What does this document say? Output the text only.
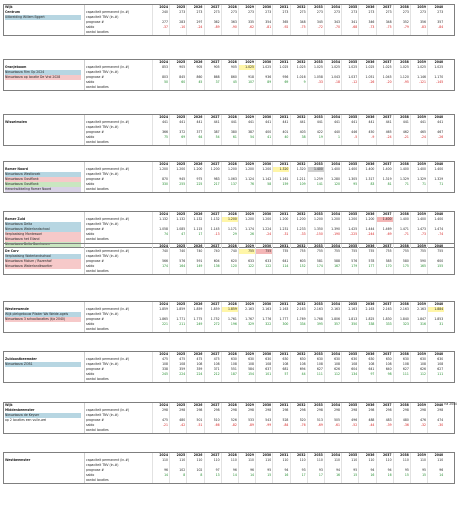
Wijk	2024	2025	2026	2027	2028	2029	2030	2031	2032	2033	2034	2035	2036	2037	2038	2039	2040
Centrum	capaciteit permanent (in-#)	240	273	273	273	273	273	273	273	273	273	273	273	273	273	273	273	273
Uitbreiding Willem Eggert	capaciteit TNV (in-#)
prognose #	277	283	297	362	363	335	354	365	348	345	343	341	346	348	352	356	357
saldo	-37	-10	-24	-89	-90	-62	-81	-92	-75	-72	-70	-68	-73	-75	-79	-83	-84
aantal locaties
2024	2025	2026	2027	2028	2029	2030	2031	2032	2033	2034	2035	2036	2037	2038	2039	2040
Oranjeboom	capaciteit permanent (in-#)	853	905	905	905	905	1.025	1.025	1.025	1.025	1.025	1.025	1.025	1.025	1.025	1.025	1.025	1.025
Nieuwbouw Rim Op 2024	capaciteit TNV (in-#)
Nieuwbouw op locatie De Vrol 2028	prognose #	803	845	860	868	860	918	936	956	1.016	1.058	1.043	1.037	1.051	1.045	1.120	1.146	1.170
saldo	50	60	45	37	45	107	89	69	9	-33	-18	-12	-26	-20	-95	-121	-145
aantal locaties
2024	2025	2026	2027	2028	2029	2030	2031	2032	2033	2034	2035	2036	2037	2038	2039	2040
Wisselmolen	capaciteit permanent (in-#)	441	441	441	441	441	441	441	441	441	441	441	441	441	441	441	441	441
capaciteit TNV (in-#)
prognose #	366	372	377	387	380	387	400	401	403	422	440	446	450	465	462	465	467
saldo	75	69	64	54	61	54	41	40	38	19	1	-5	-9	-24	-21	-24	-26
aantal locaties
2024	2025	2026	2027	2028	2029	2030	2031	2032	2033	2034	2035	2036	2037	2038	2039	2040
Romer Noord	capaciteit permanent (in-#)	1.200	1.200	1.200	1.200	1.200	1.200	1.200	1.320	1.320	1.400	1.400	1.400	1.400	1.400	1.400	1.400	1.400
Nieuwbouw Westbroek	capaciteit TNV (in-#)
Nieuwbouw Oostflank	prognose #	870	945	975	983	1.063	1.124	1.142	1.161	1.211	1.259	1.280	1.305	1.317	1.319	1.329	1.329	1.329
Nieuwbouw Oostflank	saldo	330	255	225	217	137	76	58	159	109	141	120	95	83	81	71	71	71
Herontwikkeling Romer Noord	aantal locaties
2024	2025	2026	2027	2028	2029	2030	2031	2032	2033	2034	2035	2036	2037	2038	2039	2040
Romer Zuid	capaciteit permanent (in-#)	1.132	1.132	1.132	1.132	1.200	1.200	1.200	1.200	1.200	1.200	1.200	1.200	1.200	1.400	1.400	1.400	1.400
Nieuwbouw Delta	capaciteit TNV (in-#)
Nieuwbouw Waterlandschaal	prognose #	1.058	1.085	1.115	1.145	1.171	1.174	1.224	1.231	1.233	1.350	1.390	1.425	1.444	1.469	1.471	1.473	1.474
Verplaatsing Montessori	saldo	74	47	17	-13	29	26	-24	-31	-33	-150	-190	-225	-244	-69	-71	-73	-74
Nieuwbouw het Eiland	aantal locaties
Nieuwbouw Delta Boerhaven	2024	2025	2026	2027	2028	2029	2030	2031	2032	2033	2034	2035	2036	2037	2038	2039	2040
De Carv	capaciteit permanent (in-#)	740	740	740	740	740	755	755	755	755	755	755	755	755	755	755	755	755
Verplaatsing Waterlandschool	capaciteit TNV (in-#)
Nieuwbouw Molum / Rozenhof	prognose #	566	576	591	604	620	633	633	641	603	581	588	576	578	585	580	590	600
Nieuwbouw Waterlandkwartier	saldo	174	164	149	136	120	122	122	114	152	174	167	179	177	170	175	165	155
aantal locaties
2024	2025	2026	2027	2028	2029	2030	2031	2032	2033	2034	2035	2036	2037	2038	2039	2040
Westerwende	capaciteit permanent (in-#)	1.859	1.859	1.859	1.859	1.859	2.163	2.163	2.163	2.163	2.163	2.163	2.163	2.163	2.163	2.163	2.163	1.884
Wijk plekgebouw Pilsder Wo Weide-ogels	capaciteit TNV (in-#)
Nieuwbouw 3 schoollocaties (t/a 2040)	prognose #	1.865	1.771	1.775	1.752	1.761	1.767	1.776	1.777	1.769	1.768	1.806	1.813	1.825	1.830	1.840	1.847	1.853
saldo	221	211	249	272	196	329	322	300	334	395	357	350	338	333	323	316	31
aantal locaties
2024	2025	2026	2027	2028	2029	2030	2031	2032	2033	2034	2035	2036	2037	2038	2039	2040
Zuidoostbeemster	capaciteit permanent (in-#)	475	475	475	475	630	630	630	630	630	630	630	630	630	630	630	630	630
Nieuwbouw ZOB1	capaciteit TNV (in-#)	108	108	108	108	108	108	108	108	108	108	108	108	108	108	108	108	108
prognose #	338	359	359	371	551	584	637	681	694	627	626	604	641	640	627	626	627
saldo	245	224	224	212	187	154	101	57	44	111	112	134	97	98	111	112	111
aantal locaties
Wijk	2024	2025	2026	2027	2028	2029	2030	2031	2032	2033	2034	2035	2036	2037	2038	2039	2040
Middenbeemster	capaciteit permanent (in-#)	298	298	298	298	298	298	298	298	298	298	298	298	298	298	298	298	298
Nieuwbouw de Keyser	capaciteit TNV (in-#)
op 2 locaties een vuile-wei	prognose #	475	480	501	510	526	533	543	528	520	513	505	496	488	483	480	476	474
saldo	-21	-42	-51	-66	-82	-89	-99	-84	-76	-69	-61	-52	-44	-39	-36	-32	-30
aantal locaties
2024	2025	2026	2027	2028	2029	2030	2031	2032	2033	2034	2035	2036	2037	2038	2039	2040
Westbeemster	capaciteit permanent (in-#)	110	110	110	110	110	110	110	110	110	110	110	110	110	110	110	110	110
capaciteit TNV (in-#)
prognose #	96	102	102	97	96	96	95	94	93	93	94	95	94	94	95	95	96
saldo	14	8	8	13	14	14	15	16	17	17	16	15	16	16	15	15	14
aantal locaties
na 2040
